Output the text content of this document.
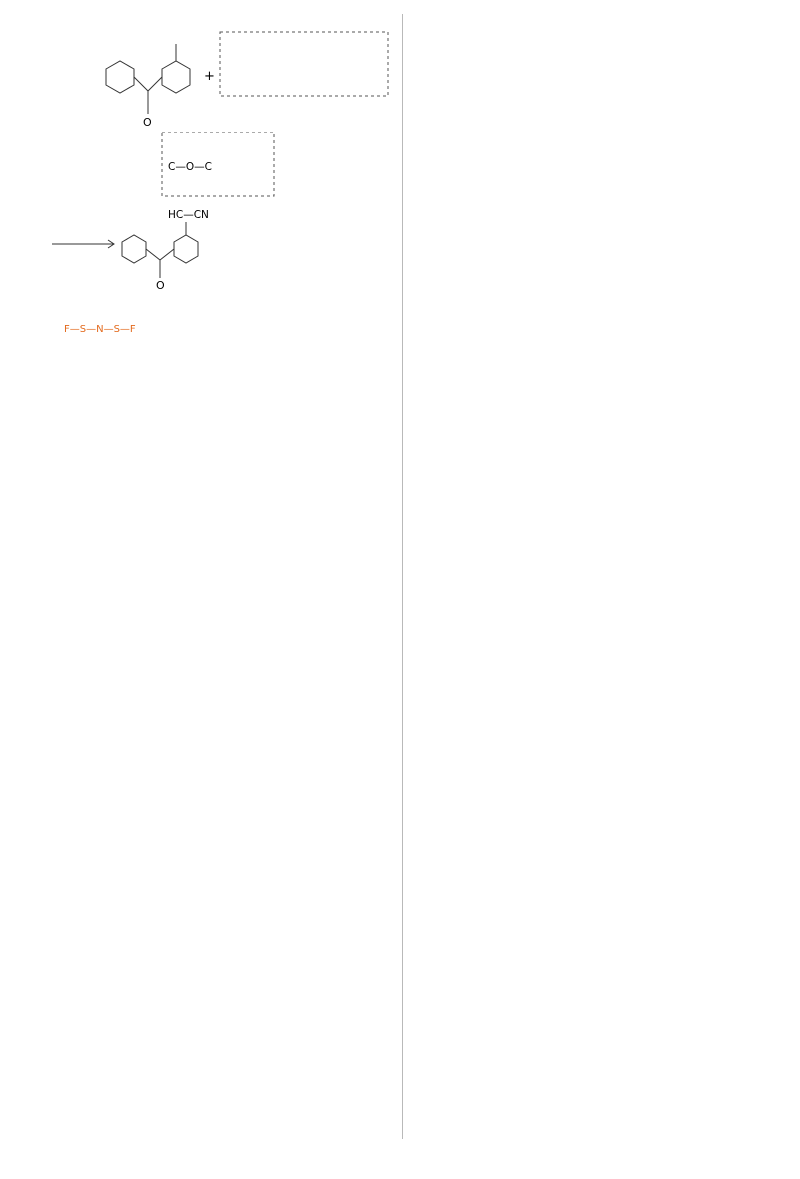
O
+
C—O—C
HC—CN
O

F—S—N—S—F
